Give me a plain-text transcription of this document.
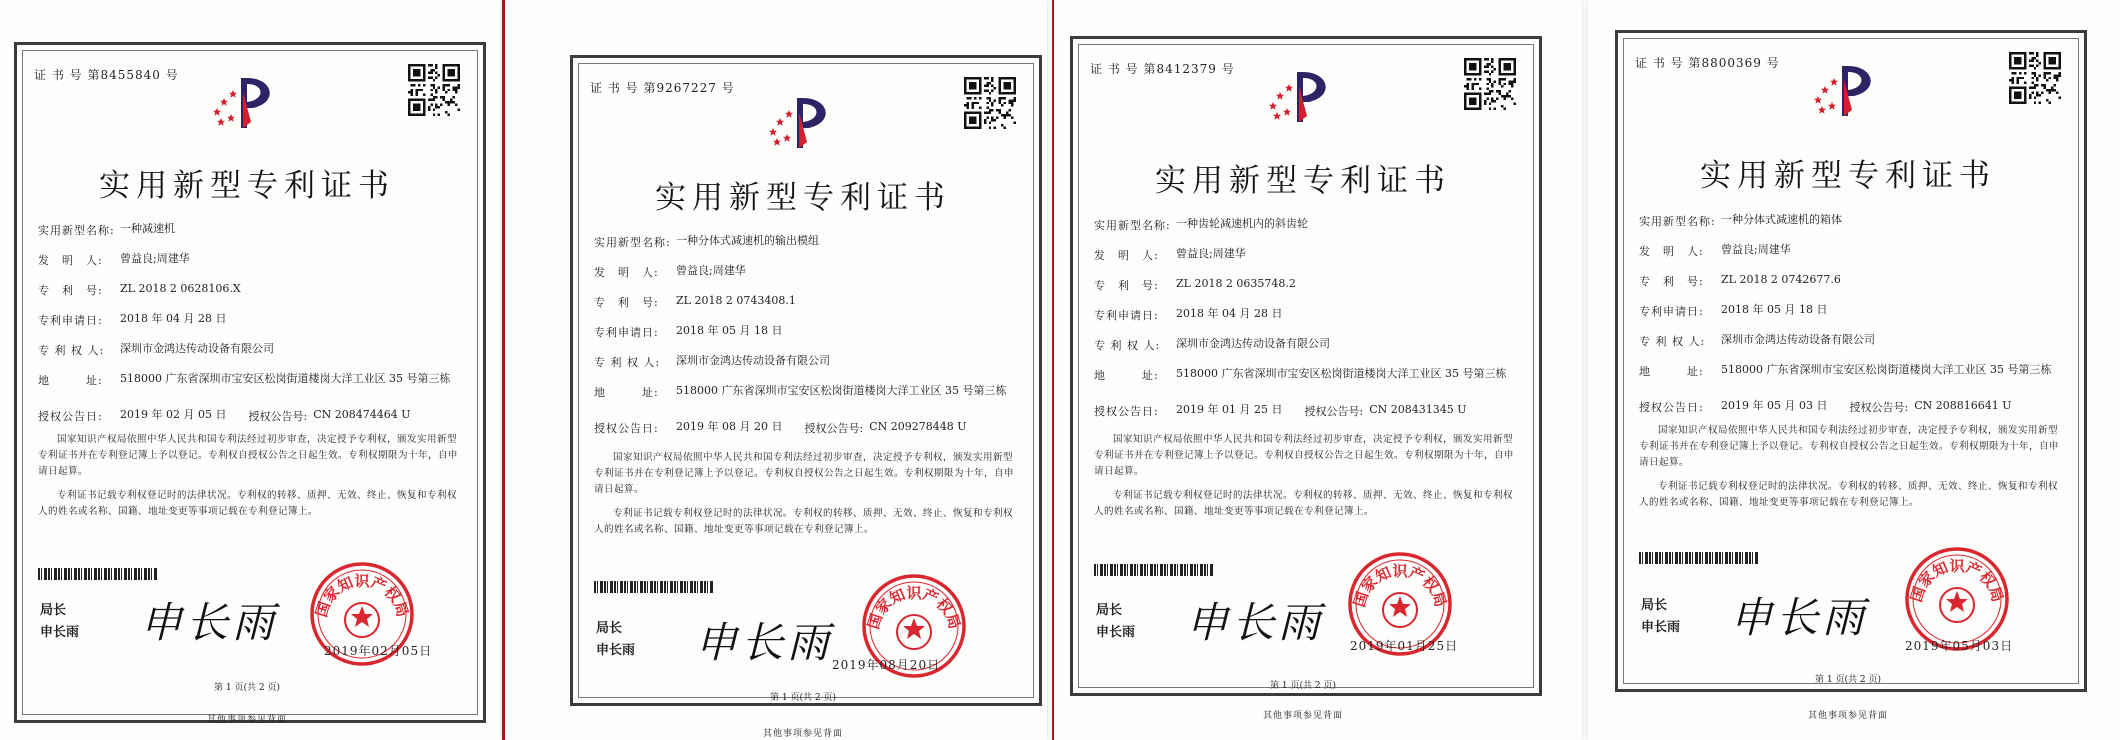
证 书 号 第8455840 号
实用新型专利证书
实用新型名称: 一种减速机
发　明　人:	曾益良;周建华
专　利　号:	ZL 2018 2 0628106.X
专利申请日:	2018 年 04 月 28 日
专 利 权 人:	深圳市金鸿达传动设备有限公司
地　　　址:	518000 广东省深圳市宝安区松岗街道楼岗大洋工业区 35 号第三栋
授权公告日:	2019 年 02 月 05 日 授权公告号: CN 208474464 U

国家知识产权局依照中华人民共和国专利法经过初步审查，决定授予专利权，颁发实用新型专利证书并在专利登记簿上予以登记。专利权自授权公告之日起生效。专利权期限为十年，自申请日起算。

专利证书记载专利权登记时的法律状况。专利权的转移、质押、无效、终止、恢复和专利权人的姓名或名称、国籍、地址变更等事项记载在专利登记簿上。

局长
申长雨 申长雨 国家知识产权局
2019年02月05日
第 1 页(共 2 页)
其他事项参见背面
证 书 号 第9267227 号
实用新型专利证书
实用新型名称: 一种分体式减速机的输出模组
发　明　人:	曾益良;周建华
专　利　号:	ZL 2018 2 0743408.1
专利申请日:	2018 年 05 月 18 日
专 利 权 人:	深圳市金鸿达传动设备有限公司
地　　　址:	518000 广东省深圳市宝安区松岗街道楼岗大洋工业区 35 号第三栋
授权公告日:	2019 年 08 月 20 日 授权公告号: CN 209278448 U

国家知识产权局依照中华人民共和国专利法经过初步审查，决定授予专利权，颁发实用新型专利证书并在专利登记簿上予以登记。专利权自授权公告之日起生效。专利权期限为十年，自申请日起算。

专利证书记载专利权登记时的法律状况。专利权的转移、质押、无效、终止、恢复和专利权人的姓名或名称、国籍、地址变更等事项记载在专利登记簿上。

局长
申长雨 申长雨 国家知识产权局
2019年08月20日
第 1 页(共 2 页)
其他事项参见背面
证 书 号 第8412379 号
实用新型专利证书
实用新型名称: 一种齿轮减速机内的斜齿轮
发　明　人:	曾益良;周建华
专　利　号:	ZL 2018 2 0635748.2
专利申请日:	2018 年 04 月 28 日
专 利 权 人:	深圳市金鸿达传动设备有限公司
地　　　址:	518000 广东省深圳市宝安区松岗街道楼岗大洋工业区 35 号第三栋
授权公告日:	2019 年 01 月 25 日 授权公告号: CN 208431345 U

国家知识产权局依照中华人民共和国专利法经过初步审查，决定授予专利权，颁发实用新型专利证书并在专利登记簿上予以登记。专利权自授权公告之日起生效。专利权期限为十年，自申请日起算。

专利证书记载专利权登记时的法律状况。专利权的转移、质押、无效、终止、恢复和专利权人的姓名或名称、国籍、地址变更等事项记载在专利登记簿上。

局长
申长雨 申长雨 国家知识产权局
2019年01月25日
第 1 页(共 2 页)
其他事项参见背面
证 书 号 第8800369 号
实用新型专利证书
实用新型名称: 一种分体式减速机的箱体
发　明　人:	曾益良;周建华
专　利　号:	ZL 2018 2 0742677.6
专利申请日:	2018 年 05 月 18 日
专 利 权 人:	深圳市金鸿达传动设备有限公司
地　　　址:	518000 广东省深圳市宝安区松岗街道楼岗大洋工业区 35 号第三栋
授权公告日:	2019 年 05 月 03 日 授权公告号: CN 208816641 U

国家知识产权局依照中华人民共和国专利法经过初步审查，决定授予专利权，颁发实用新型专利证书并在专利登记簿上予以登记。专利权自授权公告之日起生效。专利权期限为十年，自申请日起算。

专利证书记载专利权登记时的法律状况。专利权的转移、质押、无效、终止、恢复和专利权人的姓名或名称、国籍、地址变更等事项记载在专利登记簿上。

局长
申长雨 申长雨	国家知识产权局
2019年05月03日
第 1 页(共 2 页)
其他事项参见背面
